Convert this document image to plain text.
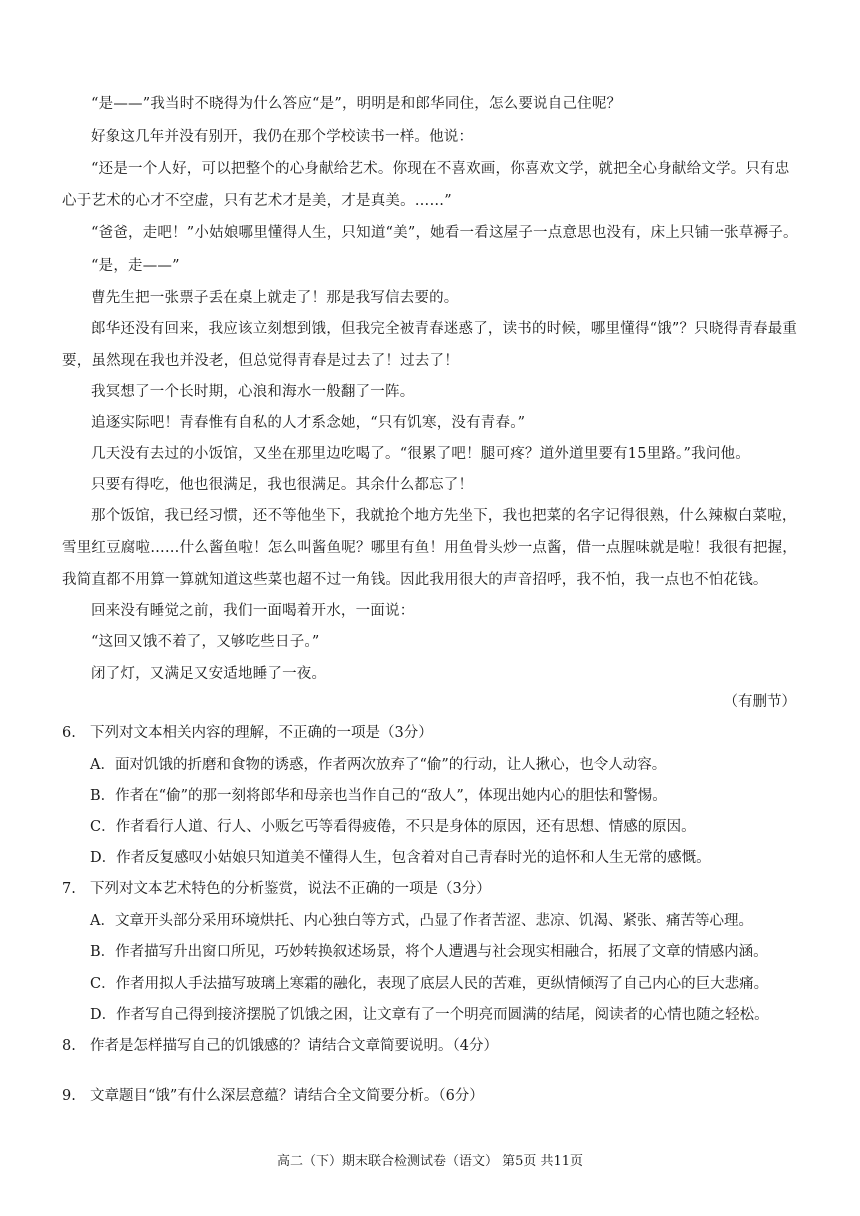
“是——”我当时不晓得为什么答应“是”，明明是和郎华同住，怎么要说自己住呢？

好象这几年并没有别开，我仍在那个学校读书一样。他说：

“还是一个人好，可以把整个的心身献给艺术。你现在不喜欢画，你喜欢文学，就把全心身献给文学。只有忠心于艺术的心才不空虚，只有艺术才是美，才是真美。……”

“爸爸，走吧！”小姑娘哪里懂得人生，只知道“美”，她看一看这屋子一点意思也没有，床上只铺一张草褥子。

“是，走——”

曹先生把一张票子丢在桌上就走了！那是我写信去要的。

郎华还没有回来，我应该立刻想到饿，但我完全被青春迷惑了，读书的时候，哪里懂得“饿”？只晓得青春最重要，虽然现在我也并没老，但总觉得青春是过去了！过去了！

我冥想了一个长时期，心浪和海水一般翻了一阵。

追逐实际吧！青春惟有自私的人才系念她，“只有饥寒，没有青春。”

几天没有去过的小饭馆，又坐在那里边吃喝了。“很累了吧！腿可疼？道外道里要有15里路。”我问他。

只要有得吃，他也很满足，我也很满足。其余什么都忘了！

那个饭馆，我已经习惯，还不等他坐下，我就抢个地方先坐下，我也把菜的名字记得很熟，什么辣椒白菜啦，雪里红豆腐啦……什么酱鱼啦！怎么叫酱鱼呢？哪里有鱼！用鱼骨头炒一点酱，借一点腥味就是啦！我很有把握，我简直都不用算一算就知道这些菜也超不过一角钱。因此我用很大的声音招呼，我不怕，我一点也不怕花钱。

回来没有睡觉之前，我们一面喝着开水，一面说：

“这回又饿不着了，又够吃些日子。”

闭了灯，又满足又安适地睡了一夜。

（有删节）

6. 下列对文本相关内容的理解，不正确的一项是（3分）

A．面对饥饿的折磨和食物的诱惑，作者两次放弃了“偷”的行动，让人揪心，也令人动容。

B．作者在“偷”的那一刻将郎华和母亲也当作自己的“敌人”，体现出她内心的胆怯和警惕。

C．作者看行人道、行人、小贩乞丐等看得疲倦，不只是身体的原因，还有思想、情感的原因。

D．作者反复感叹小姑娘只知道美不懂得人生，包含着对自己青春时光的追怀和人生无常的感慨。

7. 下列对文本艺术特色的分析鉴赏，说法不正确的一项是（3分）

A．文章开头部分采用环境烘托、内心独白等方式，凸显了作者苦涩、悲凉、饥渴、紧张、痛苦等心理。

B．作者描写升出窗口所见，巧妙转换叙述场景，将个人遭遇与社会现实相融合，拓展了文章的情感内涵。

C．作者用拟人手法描写玻璃上寒霜的融化，表现了底层人民的苦难，更纵情倾泻了自己内心的巨大悲痛。

D．作者写自己得到接济摆脱了饥饿之困，让文章有了一个明亮而圆满的结尾，阅读者的心情也随之轻松。

8. 作者是怎样描写自己的饥饿感的？请结合文章简要说明。（4分）

9. 文章题目“饿”有什么深层意蕴？请结合全文简要分析。（6分）

高二（下）期末联合检测试卷（语文） 第5页 共11页
